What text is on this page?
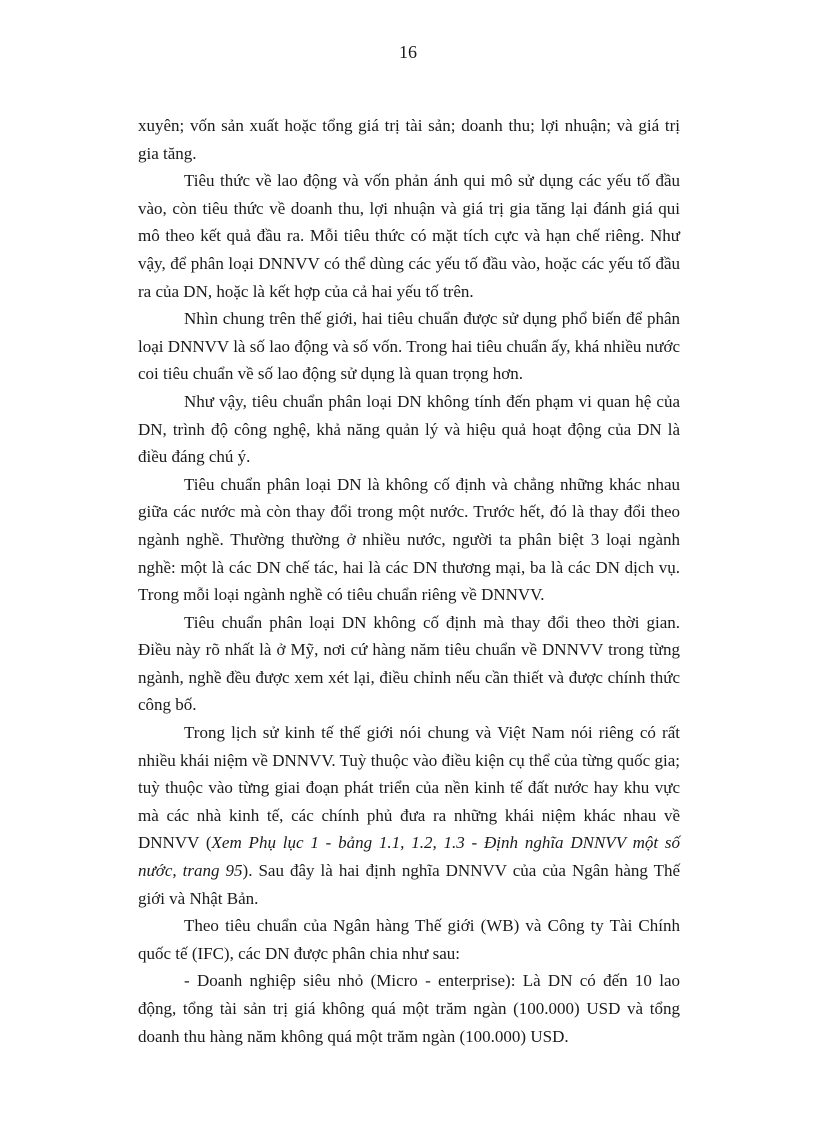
16

xuyên; vốn sản xuất hoặc tổng giá trị tài sản; doanh thu; lợi nhuận; và giá trị gia tăng.

Tiêu thức về lao động và vốn phản ánh qui mô sử dụng các yếu tố đầu vào, còn tiêu thức về doanh thu, lợi nhuận và giá trị gia tăng lại đánh giá qui mô theo kết quả đầu ra. Mỗi tiêu thức có mặt tích cực và hạn chế riêng. Như vậy, để phân loại DNNVV có thể dùng các yếu tố đầu vào, hoặc các yếu tố đầu ra của DN, hoặc là kết hợp của cả hai yếu tố trên.

Nhìn chung trên thế giới, hai tiêu chuẩn được sử dụng phổ biến để phân loại DNNVV là số lao động và số vốn. Trong hai tiêu chuẩn ấy, khá nhiều nước coi tiêu chuẩn về số lao động sử dụng là quan trọng hơn.

Như vậy, tiêu chuẩn phân loại DN không tính đến phạm vi quan hệ của DN, trình độ công nghệ, khả năng quản lý và hiệu quả hoạt động của DN là điều đáng chú ý.

Tiêu chuẩn phân loại DN là không cố định và chẳng những khác nhau giữa các nước mà còn thay đổi trong một nước. Trước hết, đó là thay đổi theo ngành nghề. Thường thường ở nhiều nước, người ta phân biệt 3 loại ngành nghề: một là các DN chế tác, hai là các DN thương mại, ba là các DN dịch vụ. Trong mỗi loại ngành nghề có tiêu chuẩn riêng về DNNVV.

Tiêu chuẩn phân loại DN không cố định mà thay đổi theo thời gian. Điều này rõ nhất là ở Mỹ, nơi cứ hàng năm tiêu chuẩn về DNNVV trong từng ngành, nghề đều được xem xét lại, điều chỉnh nếu cần thiết và được chính thức công bố.

Trong lịch sử kinh tế thế giới nói chung và Việt Nam nói riêng có rất nhiều khái niệm về DNNVV. Tuỳ thuộc vào điều kiện cụ thể của từng quốc gia; tuỳ thuộc vào từng giai đoạn phát triển của nền kinh tế đất nước hay khu vực mà các nhà kinh tế, các chính phủ đưa ra những khái niệm khác nhau về DNNVV (Xem Phụ lục 1 - bảng 1.1, 1.2, 1.3 - Định nghĩa DNNVV một số nước, trang 95). Sau đây là hai định nghĩa DNNVV của của Ngân hàng Thế giới và Nhật Bản.

Theo tiêu chuẩn của Ngân hàng Thế giới (WB) và Công ty Tài Chính quốc tế (IFC), các DN được phân chia như sau:

- Doanh nghiệp siêu nhỏ (Micro - enterprise): Là DN có đến 10 lao động, tổng tài sản trị giá không quá một trăm ngàn (100.000) USD và tổng doanh thu hàng năm không quá một trăm ngàn (100.000) USD.
